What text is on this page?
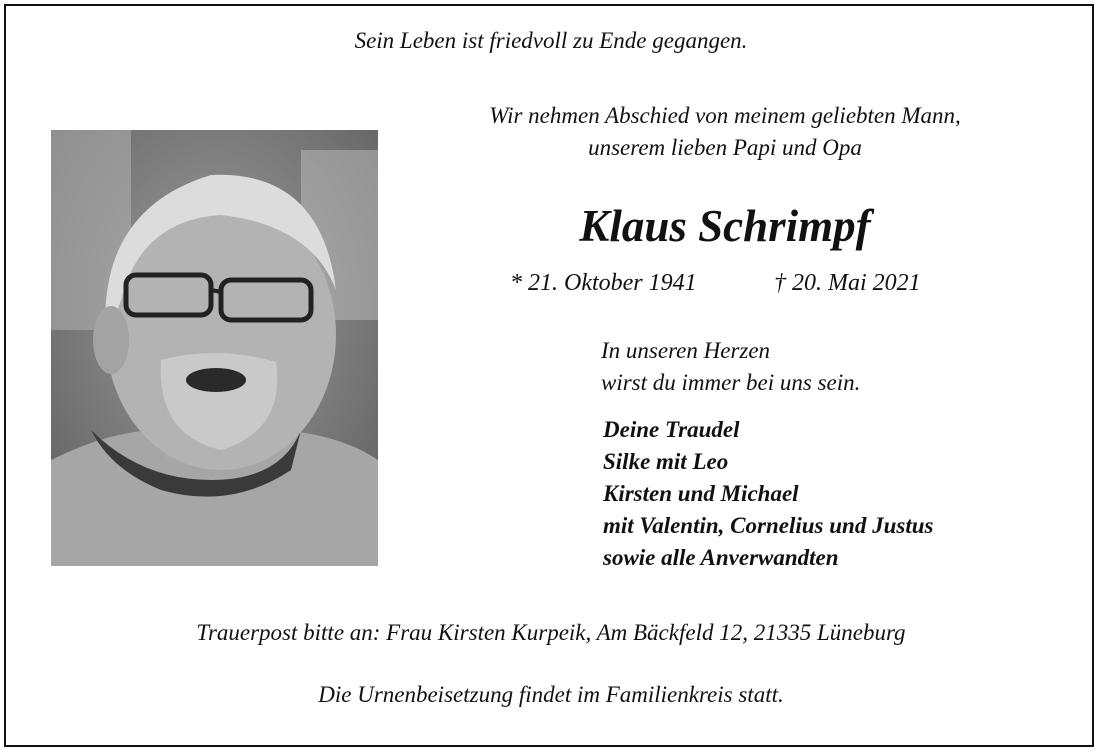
Sein Leben ist friedvoll zu Ende gegangen.
Wir nehmen Abschied von meinem geliebten Mann,
unserem lieben Papi und Opa
Klaus Schrimpf
* 21. Oktober 1941	† 20. Mai 2021
In unseren Herzen
wirst du immer bei uns sein.
Deine Traudel
Silke mit Leo
Kirsten und Michael
mit Valentin, Cornelius und Justus
sowie alle Anverwandten
Trauerpost bitte an: Frau Kirsten Kurpeik, Am Bäckfeld 12, 21335 Lüneburg
Die Urnenbeisetzung findet im Familienkreis statt.
